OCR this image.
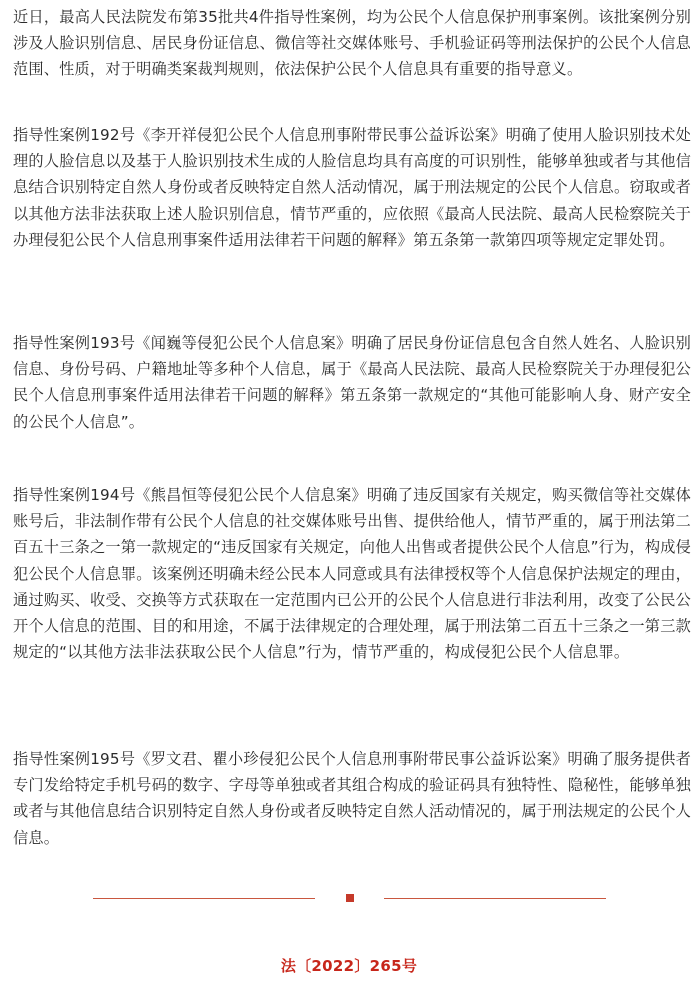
近日，最高人民法院发布第35批共4件指导性案例，均为公民个人信息保护刑事案例。该批案例分别涉及人脸识别信息、居民身份证信息、微信等社交媒体账号、手机验证码等刑法保护的公民个人信息范围、性质，对于明确类案裁判规则，依法保护公民个人信息具有重要的指导意义。

指导性案例192号《李开祥侵犯公民个人信息刑事附带民事公益诉讼案》明确了使用人脸识别技术处理的人脸信息以及基于人脸识别技术生成的人脸信息均具有高度的可识别性，能够单独或者与其他信息结合识别特定自然人身份或者反映特定自然人活动情况，属于刑法规定的公民个人信息。窃取或者以其他方法非法获取上述人脸识别信息，情节严重的，应依照《最高人民法院、最高人民检察院关于办理侵犯公民个人信息刑事案件适用法律若干问题的解释》第五条第一款第四项等规定定罪处罚。

指导性案例193号《闻巍等侵犯公民个人信息案》明确了居民身份证信息包含自然人姓名、人脸识别信息、身份号码、户籍地址等多种个人信息，属于《最高人民法院、最高人民检察院关于办理侵犯公民个人信息刑事案件适用法律若干问题的解释》第五条第一款规定的“其他可能影响人身、财产安全的公民个人信息”。

指导性案例194号《熊昌恒等侵犯公民个人信息案》明确了违反国家有关规定，购买微信等社交媒体账号后，非法制作带有公民个人信息的社交媒体账号出售、提供给他人，情节严重的，属于刑法第二百五十三条之一第一款规定的“违反国家有关规定，向他人出售或者提供公民个人信息”行为，构成侵犯公民个人信息罪。该案例还明确未经公民本人同意或具有法律授权等个人信息保护法规定的理由，通过购买、收受、交换等方式获取在一定范围内已公开的公民个人信息进行非法利用，改变了公民公开个人信息的范围、目的和用途，不属于法律规定的合理处理，属于刑法第二百五十三条之一第三款规定的“以其他方法非法获取公民个人信息”行为，情节严重的，构成侵犯公民个人信息罪。

指导性案例195号《罗文君、瞿小珍侵犯公民个人信息刑事附带民事公益诉讼案》明确了服务提供者专门发给特定手机号码的数字、字母等单独或者其组合构成的验证码具有独特性、隐秘性，能够单独或者与其他信息结合识别特定自然人身份或者反映特定自然人活动情况的，属于刑法规定的公民个人信息。

法〔2022〕265号
